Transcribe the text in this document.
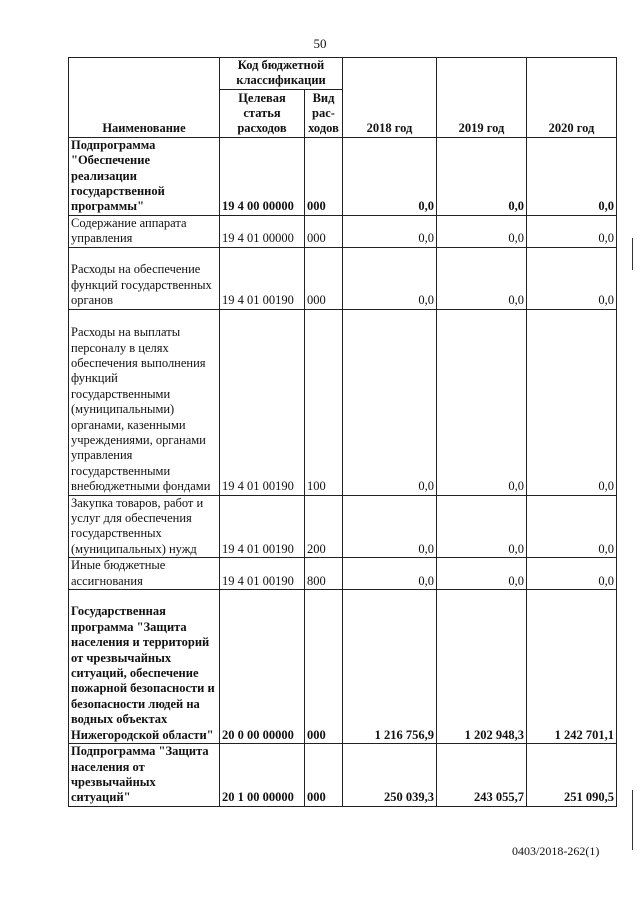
50
Наименование	Код бюджетной классификации		2018 год	2019 год	2020 год
	Целевая статья расходов	Вид рас-ходов			
Подпрограмма "Обеспечение реализации государственной программы"	19 4 00 00000	000	0,0	0,0	0,0
Содержание аппарата управления	19 4 01 00000	000	0,0	0,0	0,0
Расходы на обеспечение функций государственных органов	19 4 01 00190	000	0,0	0,0	0,0
Расходы на выплаты персоналу в целях обеспечения выполнения функций государственными (муниципальными) органами, казенными учреждениями, органами управления государственными внебюджетными фондами	19 4 01 00190	100	0,0	0,0	0,0
Закупка товаров, работ и услуг для обеспечения государственных (муниципальных) нужд	19 4 01 00190	200	0,0	0,0	0,0
Иные бюджетные ассигнования	19 4 01 00190	800	0,0	0,0	0,0
Государственная программа "Защита населения и территорий от чрезвычайных ситуаций, обеспечение пожарной безопасности и безопасности людей на водных объектах Нижегородской области"	20 0 00 00000	000	1 216 756,9	1 202 948,3	1 242 701,1
Подпрограмма "Защита населения от чрезвычайных ситуаций"	20 1 00 00000	000	250 039,3	243 055,7	251 090,5
0403/2018-262(1)
